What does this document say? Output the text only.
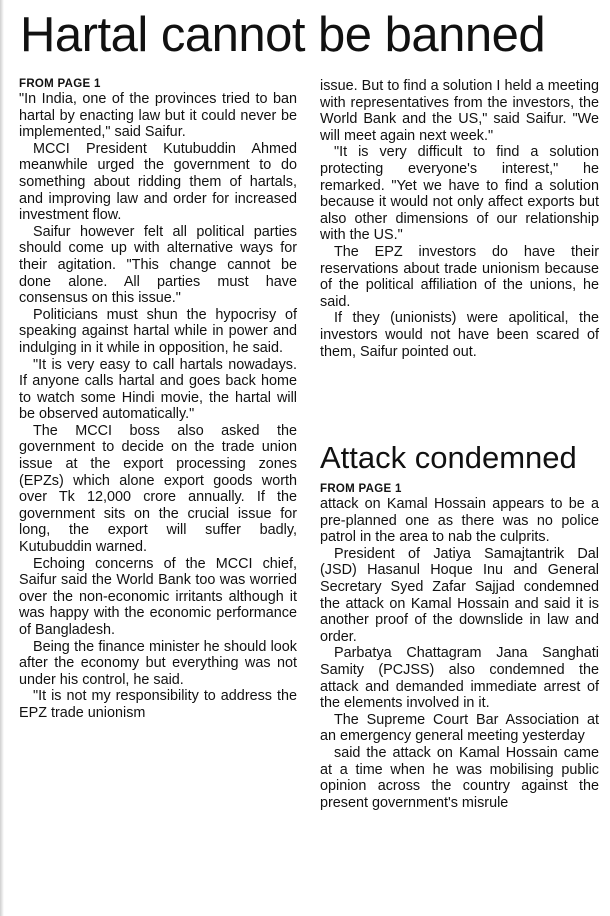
Hartal cannot be banned

FROM PAGE 1

"In India, one of the provinces tried to ban hartal by enacting law but it could never be implemented," said Saifur.

MCCI President Kutubuddin Ahmed meanwhile urged the government to do something about ridding them of hartals, and improving law and order for increased investment flow.

Saifur however felt all political parties should come up with alternative ways for their agitation. "This change cannot be done alone. All parties must have consensus on this issue."

Politicians must shun the hypocrisy of speaking against hartal while in power and indulging in it while in opposition, he said.

"It is very easy to call hartals nowadays. If anyone calls hartal and goes back home to watch some Hindi movie, the hartal will be observed automatically."

The MCCI boss also asked the government to decide on the trade union issue at the export processing zones (EPZs) which alone export goods worth over Tk 12,000 crore annually. If the government sits on the crucial issue for long, the export will suffer badly, Kutubuddin warned.

Echoing concerns of the MCCI chief, Saifur said the World Bank too was worried over the non-economic irritants although it was happy with the economic performance of Bangladesh.

Being the finance minister he should look after the economy but everything was not under his control, he said.

"It is not my responsibility to address the EPZ trade unionism

issue. But to find a solution I held a meeting with representatives from the investors, the World Bank and the US," said Saifur. "We will meet again next week."

"It is very difficult to find a solution protecting everyone's interest," he remarked. "Yet we have to find a solution because it would not only affect exports but also other dimensions of our relationship with the US."

The EPZ investors do have their reservations about trade unionism because of the political affiliation of the unions, he said.

If they (unionists) were apolitical, the investors would not have been scared of them, Saifur pointed out.

Attack condemned

FROM PAGE 1

attack on Kamal Hossain appears to be a pre-planned one as there was no police patrol in the area to nab the culprits.

President of Jatiya Samajtantrik Dal (JSD) Hasanul Hoque Inu and General Secretary Syed Zafar Sajjad condemned the attack on Kamal Hossain and said it is another proof of the downslide in law and order.

Parbatya Chattagram Jana Sanghati Samity (PCJSS) also condemned the attack and demanded immediate arrest of the elements involved in it.

The Supreme Court Bar Association at an emergency general meeting yesterday

said the attack on Kamal Hossain came at a time when he was mobilising public opinion across the country against the present government's misrule
